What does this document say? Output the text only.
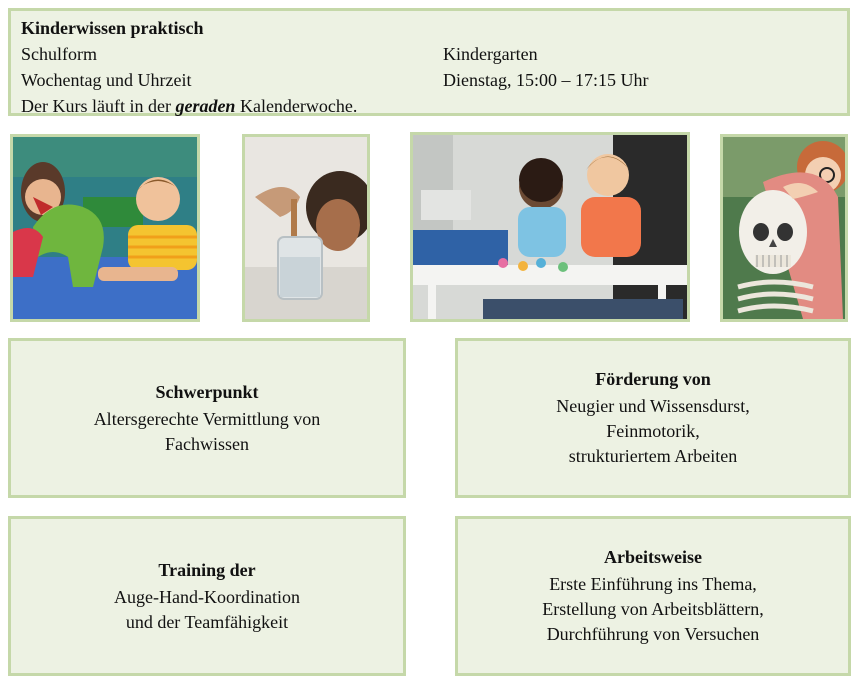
Kinderwissen praktisch
Schulform	Kindergarten
Wochentag und Uhrzeit	Dienstag, 15:00 – 17:15 Uhr
Der Kurs läuft in der geraden Kalenderwoche.
Schwerpunkt
Altersgerechte Vermittlung von
Fachwissen
Förderung von
Neugier und Wissensdurst,
Feinmotorik,
strukturiertem Arbeiten
Training der
Auge-Hand-Koordination
und der Teamfähigkeit
Arbeitsweise
Erste Einführung ins Thema,
Erstellung von Arbeitsblättern,
Durchführung von Versuchen
